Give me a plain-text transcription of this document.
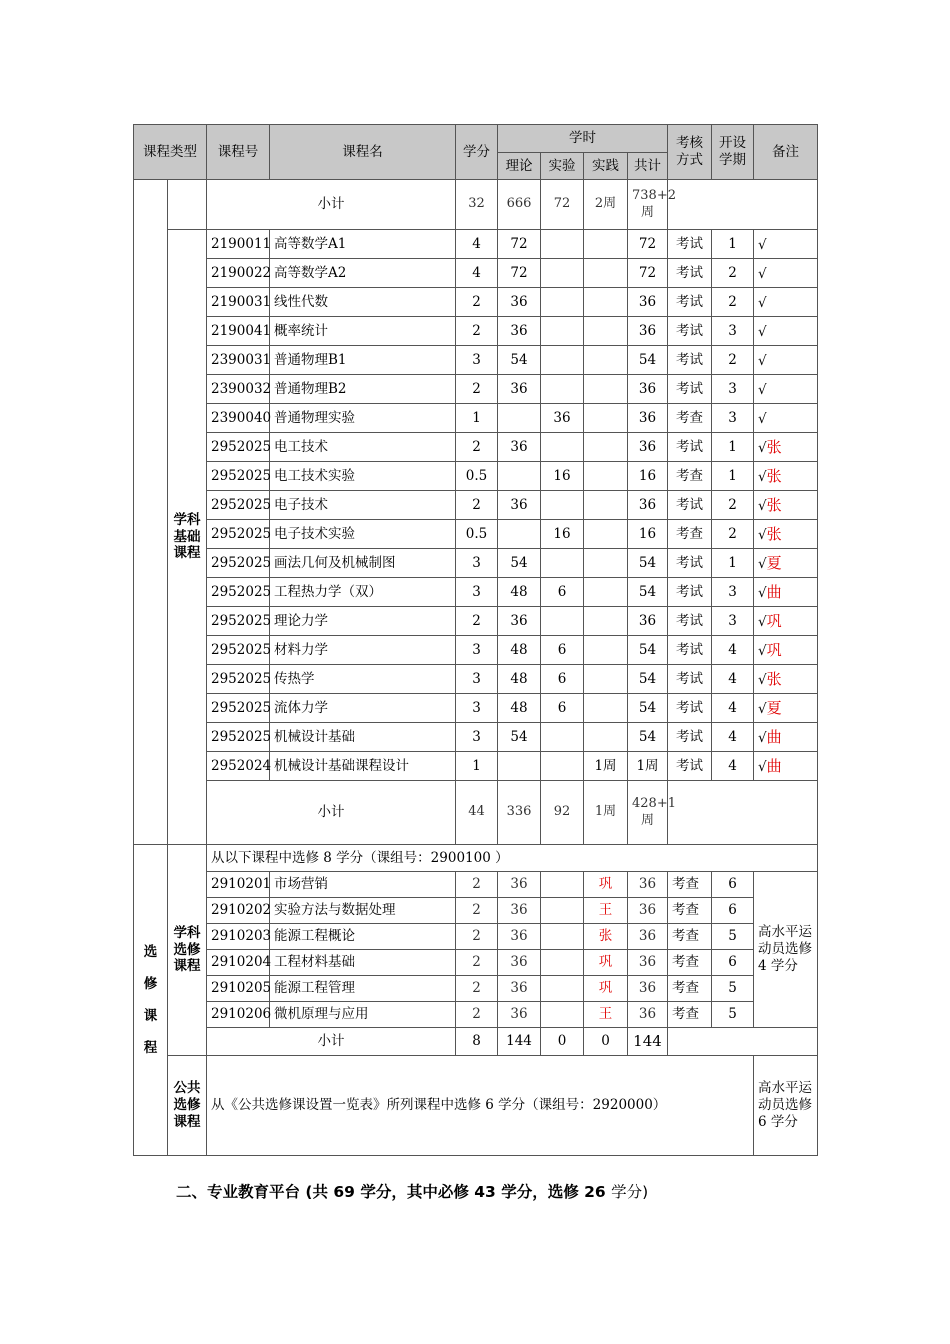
课程类型		课程号	课程名	学分	学时				考核方式	开设学期	备注
					理论	实验	实践	共计			
		小计		32	666	72	2周	738+2周			
	学科基础课程	2190011	高等数学A1	4	72			72	考试	1	√
		2190022	高等数学A2	4	72			72	考试	2	√
		2190031	线性代数	2	36			36	考试	2	√
		2190041	概率统计	2	36			36	考试	3	√
		2390031	普通物理B1	3	54			54	考试	2	√
		2390032	普通物理B2	2	36			36	考试	3	√
		2390040	普通物理实验	1		36		36	考查	3	√
		2952025	电工技术	2	36			36	考试	1	√张
		2952025	电工技术实验	0.5		16		16	考查	1	√张
		2952025	电子技术	2	36			36	考试	2	√张
		2952025	电子技术实验	0.5		16		16	考查	2	√张
		2952025	画法几何及机械制图	3	54			54	考试	1	√夏
		2952025	工程热力学（双）	3	48	6		54	考试	3	√曲
		2952025	理论力学	2	36			36	考试	3	√巩
		2952025	材料力学	3	48	6		54	考试	4	√巩
		2952025	传热学	3	48	6		54	考试	4	√张
		2952025	流体力学	3	48	6		54	考试	4	√夏
		2952025	机械设计基础	3	54			54	考试	4	√曲
		2952024	机械设计基础课程设计	1			1周	1周	考试	4	√曲
		小计		44	336	92	1周	428+1周			

选
修
课
程	学科选修课程	从以下课程中选修 8 学分（课组号：2900100 ）									
		2910201	市场营销	2	36		巩	36	考查	6	高水平运动员选修 4 学分
		2910202	实验方法与数据处理	2	36		王	36	考查	6	
		2910203	能源工程概论	2	36		张	36	考查	5	
		2910204	工程材料基础	2	36		巩	36	考查	6	
		2910205	能源工程管理	2	36		巩	36	考查	5	
		2910206	微机原理与应用	2	36		王	36	考查	5	
		小计		8	144	0	0	144			
	公共选修课程	从《公共选修课设置一览表》所列课程中选修 6 学分（课组号：2920000）									高水平运动员选修 6 学分
二、专业教育平台 (共 69 学分，其中必修 43 学分，选修 26 学分)
